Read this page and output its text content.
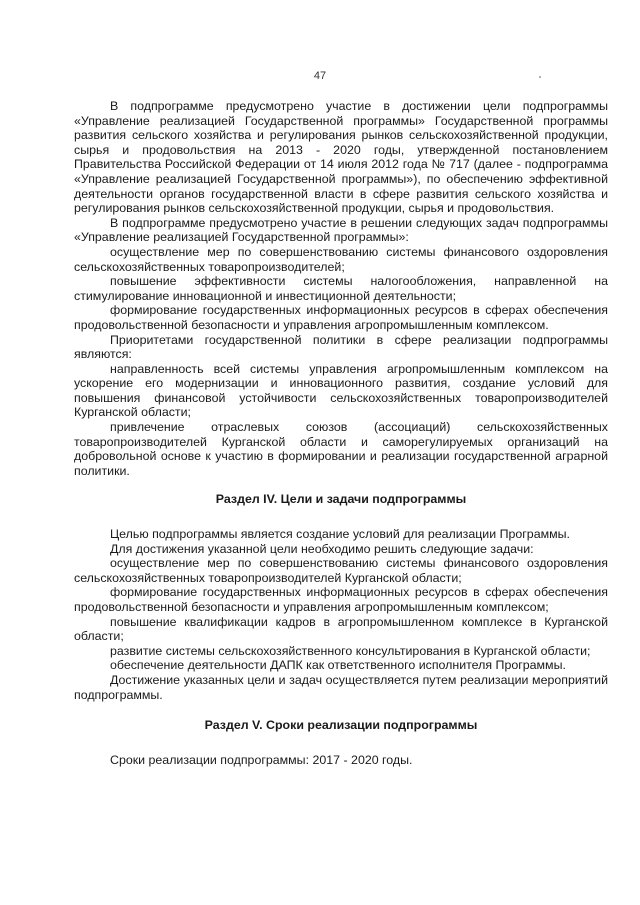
47

В подпрограмме предусмотрено участие в достижении цели подпрограммы «Управление реализацией Государственной программы» Государственной программы развития сельского хозяйства и регулирования рынков сельскохозяйственной продукции, сырья и продовольствия на 2013 - 2020 годы, утвержденной постановлением Правительства Российской Федерации от 14 июля 2012 года № 717 (далее - подпрограмма «Управление реализацией Государственной программы»), по обеспечению эффективной деятельности органов государственной власти в сфере развития сельского хозяйства и регулирования рынков сельскохозяйственной продукции, сырья и продовольствия.

В подпрограмме предусмотрено участие в решении следующих задач подпрограммы «Управление реализацией Государственной программы»:

осуществление мер по совершенствованию системы финансового оздоровления сельскохозяйственных товаропроизводителей;

повышение эффективности системы налогообложения, направленной на стимулирование инновационной и инвестиционной деятельности;

формирование государственных информационных ресурсов в сферах обеспечения продовольственной безопасности и управления агропромышленным комплексом.

Приоритетами государственной политики в сфере реализации подпрограммы являются:

направленность всей системы управления агропромышленным комплексом на ускорение его модернизации и инновационного развития, создание условий для повышения финансовой устойчивости сельскохозяйственных товаропроизводителей Курганской области;

привлечение отраслевых союзов (ассоциаций) сельскохозяйственных товаропроизводителей Курганской области и саморегулируемых организаций на добровольной основе к участию в формировании и реализации государственной аграрной политики.

Раздел IV. Цели и задачи подпрограммы

Целью подпрограммы является создание условий для реализации Программы.

Для достижения указанной цели необходимо решить следующие задачи:

осуществление мер по совершенствованию системы финансового оздоровления сельскохозяйственных товаропроизводителей Курганской области;

формирование государственных информационных ресурсов в сферах обеспечения продовольственной безопасности и управления агропромышленным комплексом;

повышение квалификации кадров в агропромышленном комплексе в Курганской области;

развитие системы сельскохозяйственного консультирования в Курганской области;

обеспечение деятельности ДАПК как ответственного исполнителя Программы.

Достижение указанных цели и задач осуществляется путем реализации мероприятий подпрограммы.

Раздел V. Сроки реализации подпрограммы

Сроки реализации подпрограммы: 2017 - 2020 годы.
